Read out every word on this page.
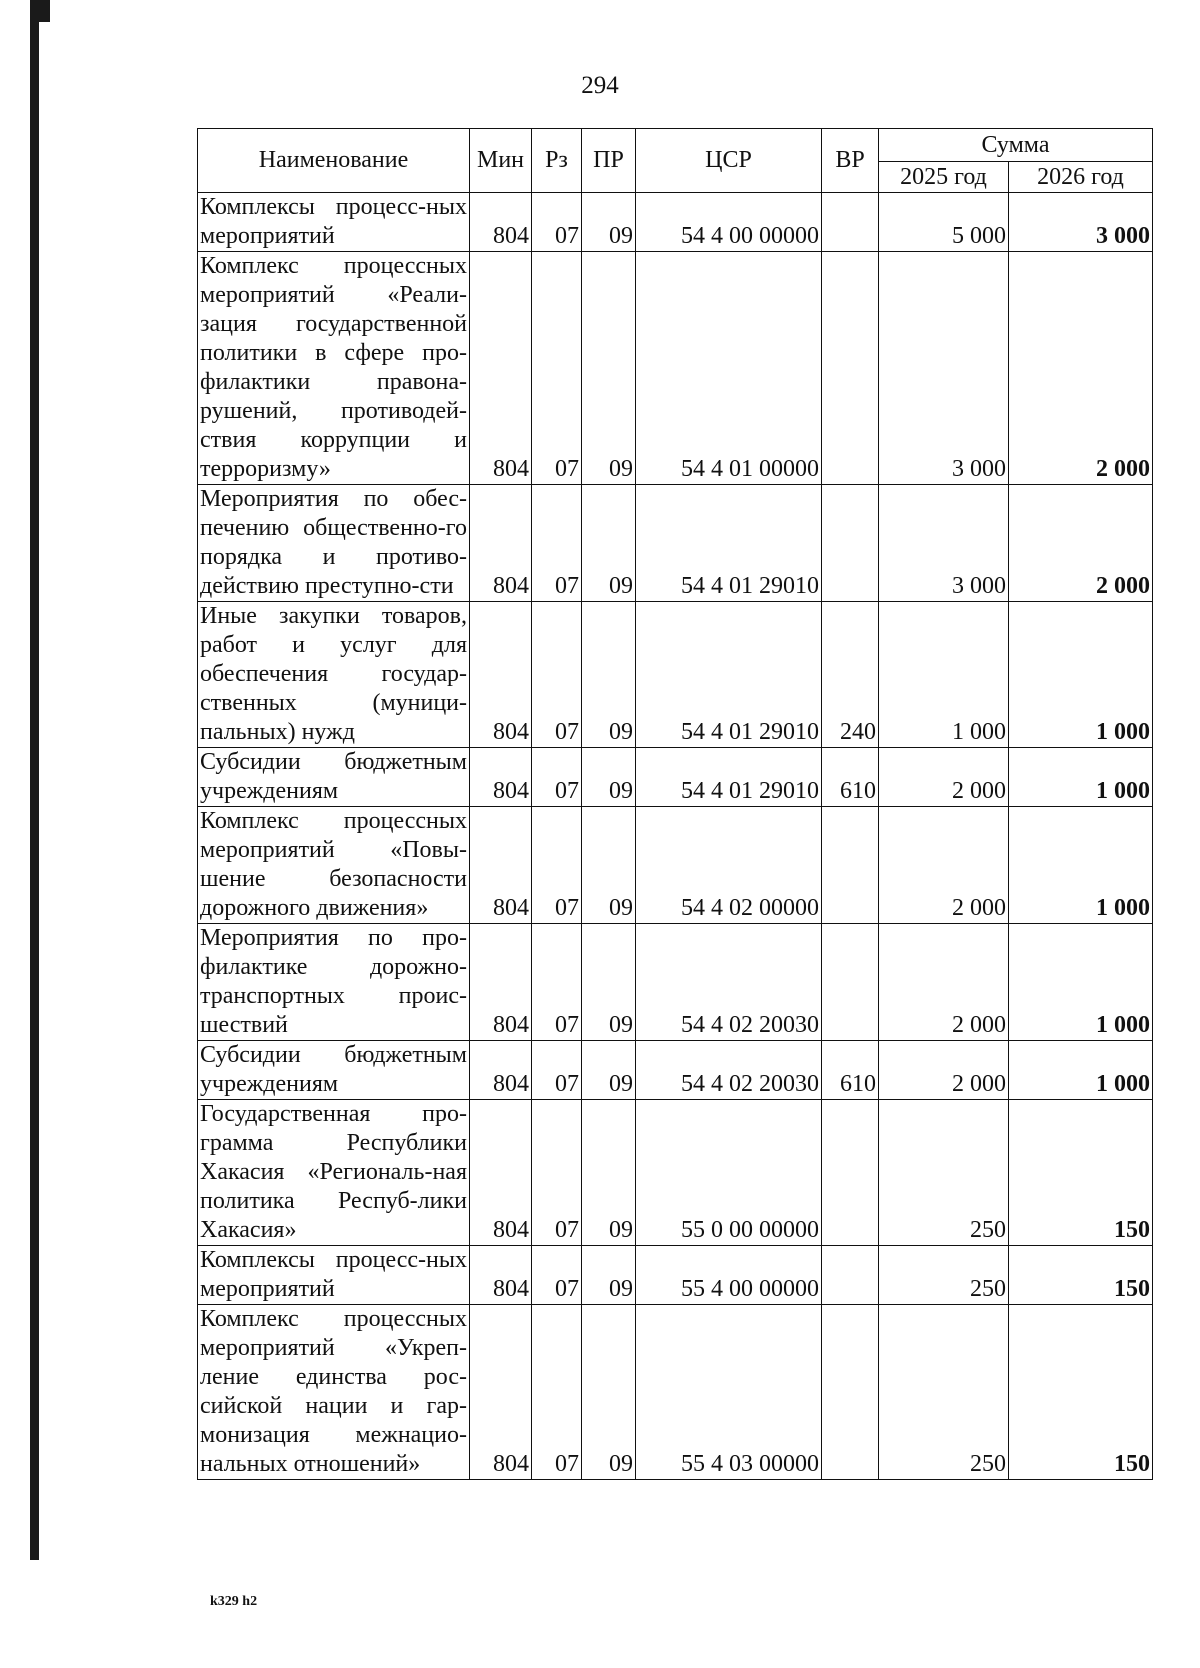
294
Наименование	Мин	Рз	ПР	ЦСР	ВР	Сумма	
						2025 год	2026 год
Комплексы процесс-ных мероприятий	804	07	09	54 4 00 00000		5 000	3 000
Комплекс процессных мероприятий «Реали-зация государственной политики в сфере про-филактики правона-рушений, противодей-ствия коррупции и терроризму»	804	07	09	54 4 01 00000		3 000	2 000
Мероприятия по обес-печению общественно-го порядка и противо-действию преступно-сти	804	07	09	54 4 01 29010		3 000	2 000
Иные закупки товаров, работ и услуг для обеспечения государ-ственных (муници-пальных) нужд	804	07	09	54 4 01 29010	240	1 000	1 000
Субсидии бюджетным учреждениям	804	07	09	54 4 01 29010	610	2 000	1 000
Комплекс процессных мероприятий «Повы-шение безопасности дорожного движения»	804	07	09	54 4 02 00000		2 000	1 000
Мероприятия по про-филактике дорожно-транспортных проис-шествий	804	07	09	54 4 02 20030		2 000	1 000
Субсидии бюджетным учреждениям	804	07	09	54 4 02 20030	610	2 000	1 000
Государственная про-грамма Республики Хакасия «Региональ-ная политика Респуб-лики Хакасия»	804	07	09	55 0 00 00000		250	150
Комплексы процесс-ных мероприятий	804	07	09	55 4 00 00000		250	150
Комплекс процессных мероприятий «Укреп-ление единства рос-сийской нации и гар-монизация межнацио-нальных отношений»	804	07	09	55 4 03 00000		250	150
k329 h2
